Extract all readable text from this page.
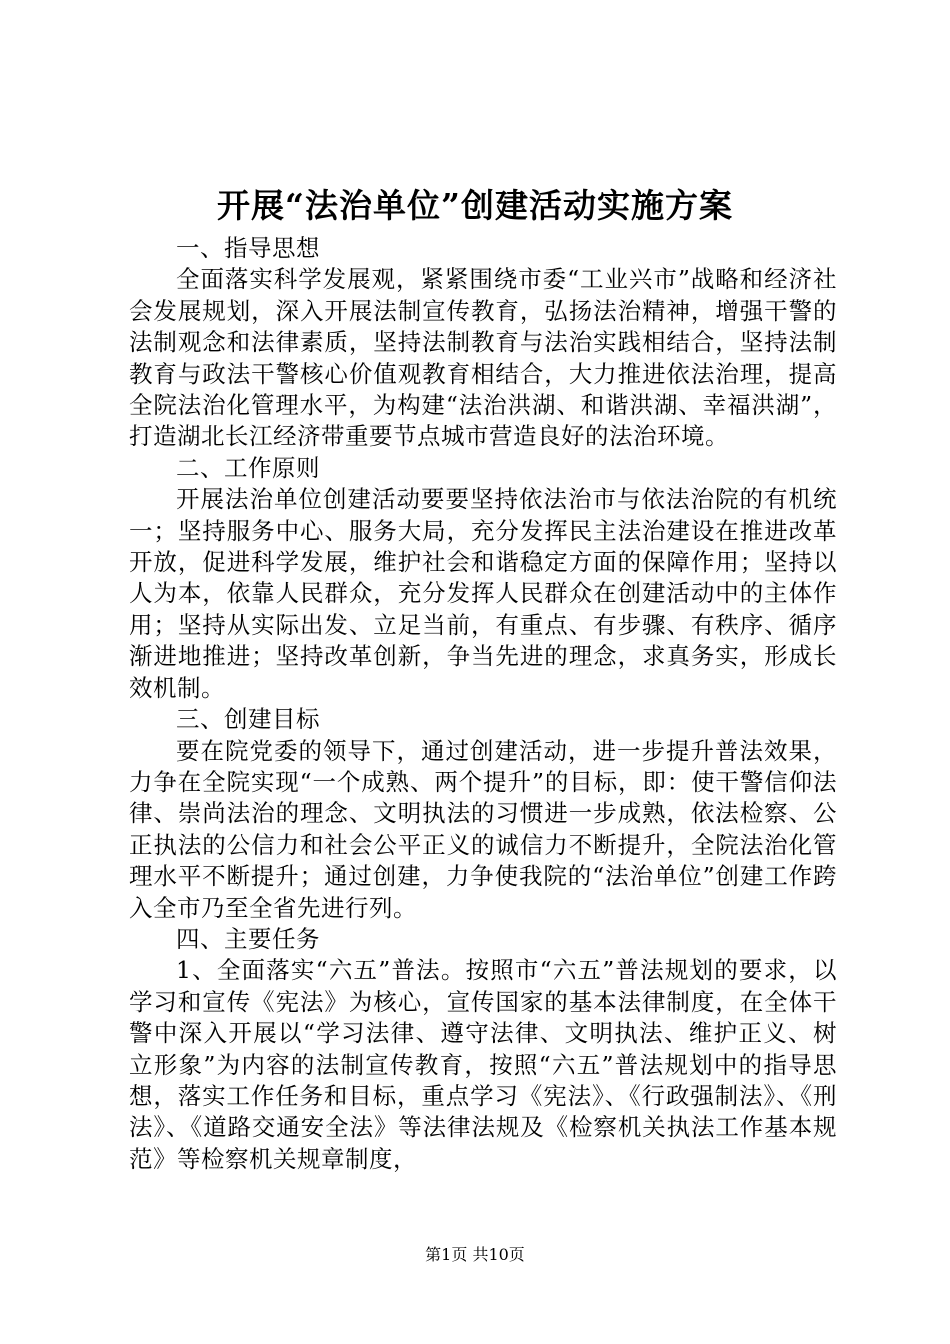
开展“法治单位”创建活动实施方案

一、指导思想

全面落实科学发展观，紧紧围绕市委“工业兴市”战略和经济社会发展规划，深入开展法制宣传教育，弘扬法治精神，增强干警的法制观念和法律素质，坚持法制教育与法治实践相结合，坚持法制教育与政法干警核心价值观教育相结合，大力推进依法治理，提高全院法治化管理水平，为构建“法治洪湖、和谐洪湖、幸福洪湖”，打造湖北长江经济带重要节点城市营造良好的法治环境。

二、工作原则

开展法治单位创建活动要要坚持依法治市与依法治院的有机统一；坚持服务中心、服务大局，充分发挥民主法治建设在推进改革开放，促进科学发展，维护社会和谐稳定方面的保障作用；坚持以人为本，依靠人民群众，充分发挥人民群众在创建活动中的主体作用；坚持从实际出发、立足当前，有重点、有步骤、有秩序、循序渐进地推进；坚持改革创新，争当先进的理念，求真务实，形成长效机制。

三、创建目标

要在院党委的领导下，通过创建活动，进一步提升普法效果，力争在全院实现“一个成熟、两个提升”的目标，即：使干警信仰法律、崇尚法治的理念、文明执法的习惯进一步成熟，依法检察、公正执法的公信力和社会公平正义的诚信力不断提升，全院法治化管理水平不断提升；通过创建，力争使我院的“法治单位”创建工作跨入全市乃至全省先进行列。

四、主要任务

1、全面落实“六五”普法。按照市“六五”普法规划的要求，以学习和宣传《宪法》为核心，宣传国家的基本法律制度，在全体干警中深入开展以“学习法律、遵守法律、文明执法、维护正义、树立形象”为内容的法制宣传教育，按照“六五”普法规划中的指导思想，落实工作任务和目标，重点学习《宪法》、《行政强制法》、《刑法》、《道路交通安全法》等法律法规及《检察机关执法工作基本规范》等检察机关规章制度，

第1页 共10页
